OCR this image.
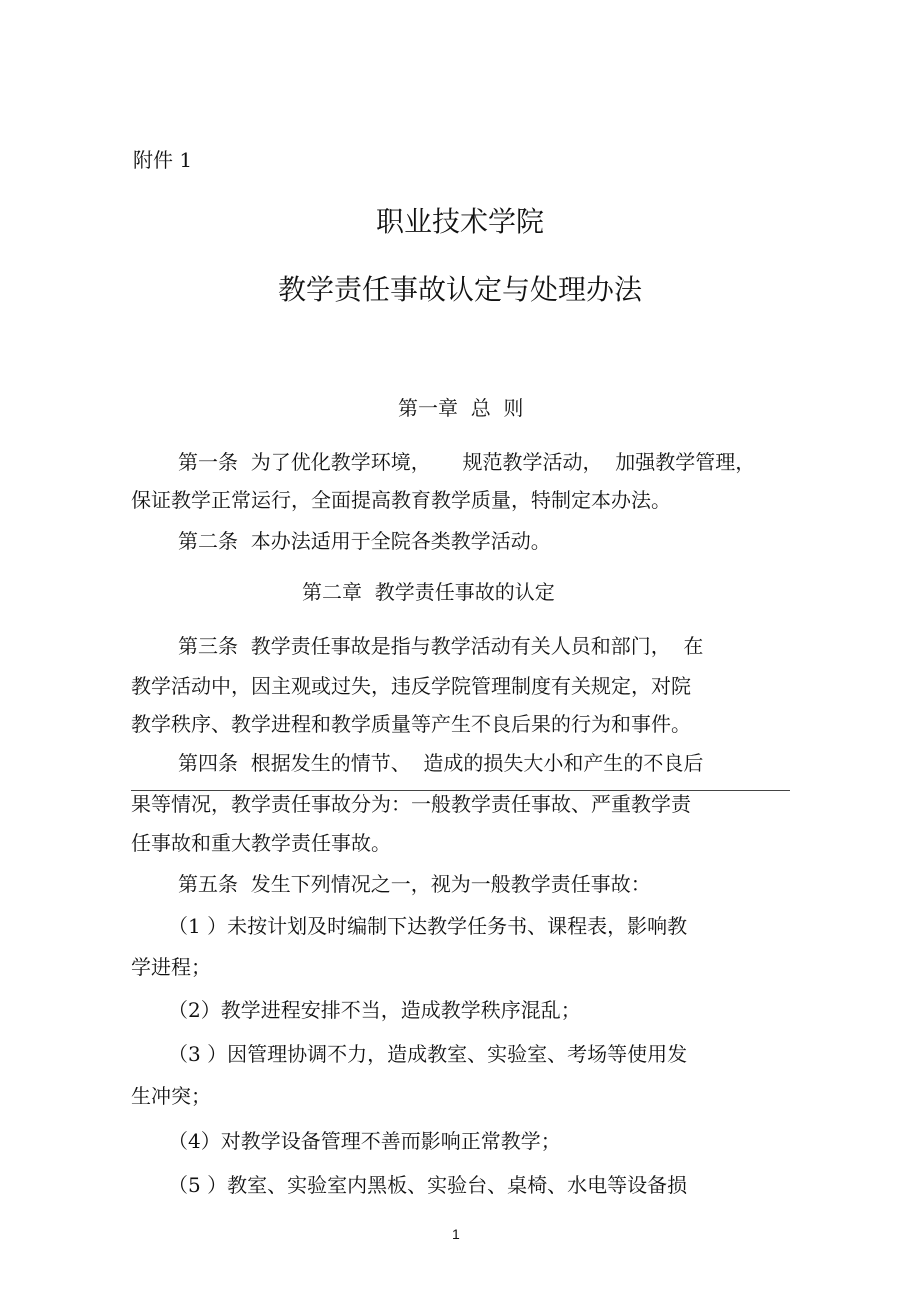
附件 1
职业技术学院
教学责任事故认定与处理办法
第一章  总  则
第一条  为了优化教学环境，     规范教学活动，  加强教学管理，
保证教学正常运行，全面提高教育教学质量，特制定本办法。
第二条  本办法适用于全院各类教学活动。
第二章  教学责任事故的认定
第三条  教学责任事故是指与教学活动有关人员和部门，  在
教学活动中，因主观或过失，违反学院管理制度有关规定，对院
教学秩序、教学进程和教学质量等产生不良后果的行为和事件。
第四条  根据发生的情节、  造成的损失大小和产生的不良后
果等情况，教学责任事故分为：一般教学责任事故、严重教学责
任事故和重大教学责任事故。
第五条  发生下列情况之一，视为一般教学责任事故：
（1 ）未按计划及时编制下达教学任务书、课程表，影响教
学进程；
（2）教学进程安排不当，造成教学秩序混乱；
（3 ）因管理协调不力，造成教室、实验室、考场等使用发
生冲突；
（4）对教学设备管理不善而影响正常教学；
（5 ）教室、实验室内黑板、实验台、桌椅、水电等设备损
1
